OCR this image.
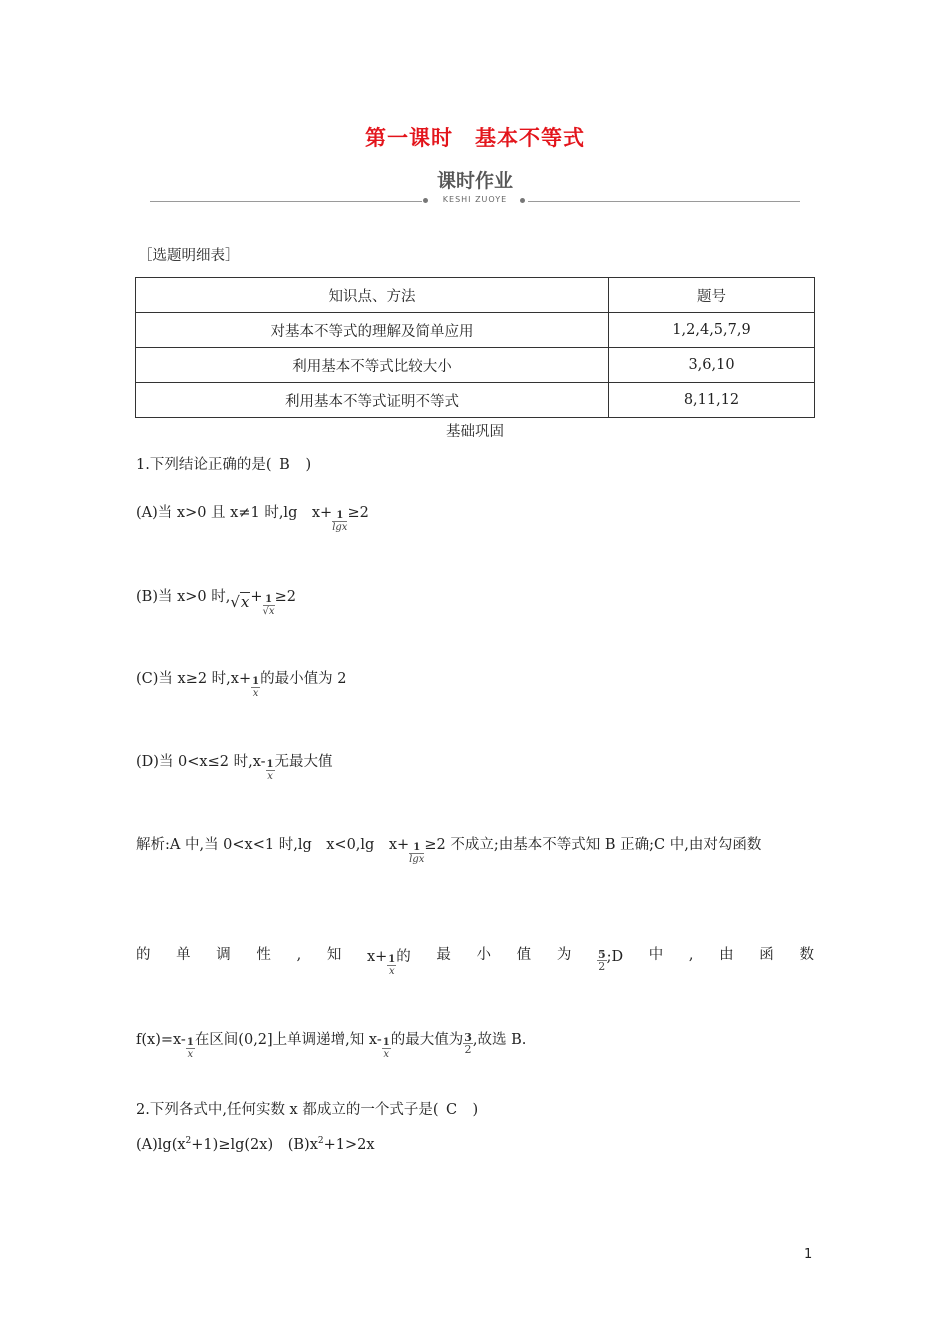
第一课时　基本不等式
课时作业
KESHI ZUOYE
［选题明细表］
知识点、方法	题号
对基本不等式的理解及简单应用	1,2,4,5,7,9
利用基本不等式比较大小	3,6,10
利用基本不等式证明不等式	8,11,12
基础巩固
1.下列结论正确的是( B )
(A)当 x>0 且 x≠1 时,lg　$x+ \frac{1}{\lg x} \ge 2$
(B)当 x>0 时$,√x+ \frac{1}{√x} \ge 2$
(C)当 x≥2 时$,x+ \frac{1}{x}$ 的最小值为 2
(D)当 0<x≤2 时$,x- \frac{1}{x}$ 无最大值
解析:A 中,当 0<x<1 时,lg　x<0,lg　$x+ \frac{1}{\lg x} \ge 2$ 不成立;由基本不等式知 B 正确;C 中,由对勾函数
的 单 调 性 , 知 $x+ \frac{1}{x}$ 的 最 小 值 为 $\frac{5}{2}$ ;D 中 , 由 函 数
$f(x)=x- \frac{1}{x}$ 在区间(0,2]上单调递增,知 $x- \frac{1}{x}$ 的最大值为 $\frac{3}{2}$ ,故选 B.
2.下列各式中,任何实数 x 都成立的一个式子是( C )
$(A)\lg(x^2+1)\ge\lg(2x)$ $(B)x^2+1>2x$
1
